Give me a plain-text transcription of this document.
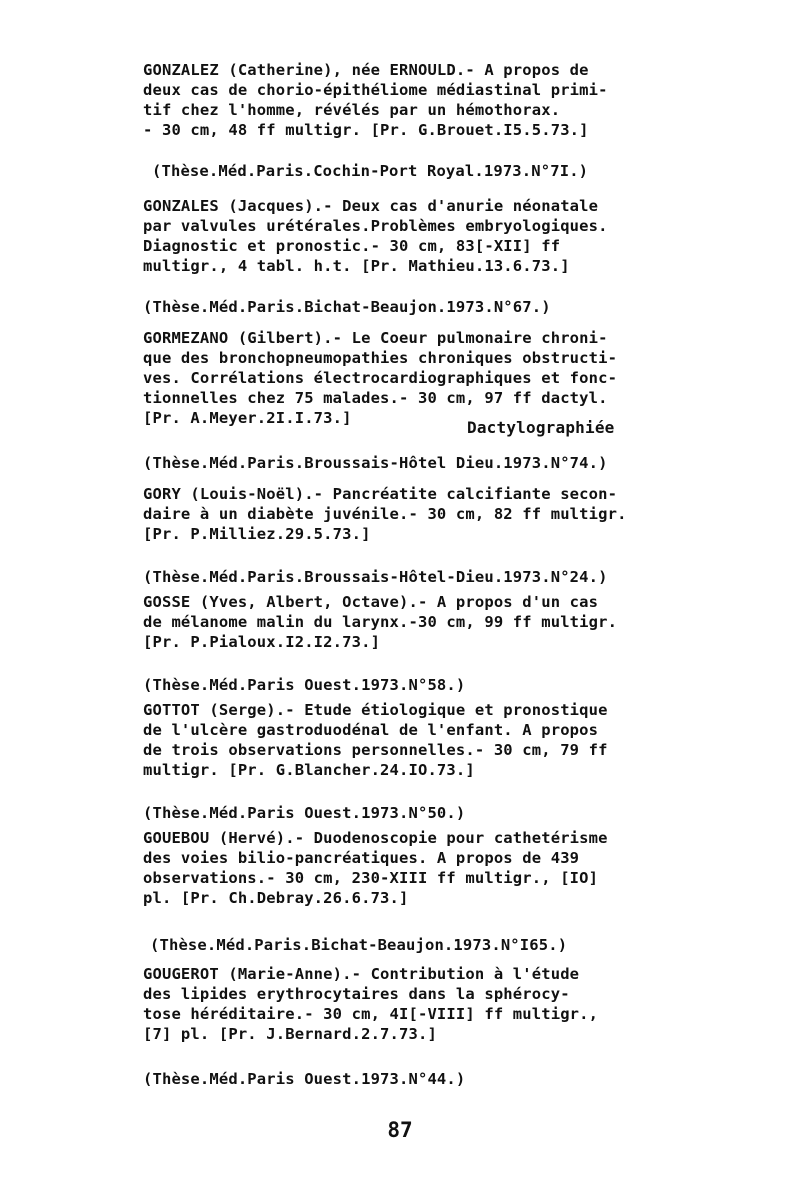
GONZALEZ (Catherine), née ERNOULD.- A propos de
deux cas de chorio-épithéliome médiastinal primi-
tif chez l'homme, révélés par un hémothorax.
- 30 cm, 48 ff multigr. [Pr. G.Brouet.I5.5.73.]
(Thèse.Méd.Paris.Cochin-Port Royal.1973.N°7I.)
GONZALES (Jacques).- Deux cas d'anurie néonatale
par valvules urétérales.Problèmes embryologiques.
Diagnostic et pronostic.- 30 cm, 83[-XII] ff
multigr., 4 tabl. h.t. [Pr. Mathieu.13.6.73.]
(Thèse.Méd.Paris.Bichat-Beaujon.1973.N°67.)
GORMEZANO (Gilbert).- Le Coeur pulmonaire chroni-
que des bronchopneumopathies chroniques obstructi-
ves. Corrélations électrocardiographiques et fonc-
tionnelles chez 75 malades.- 30 cm, 97 ff dactyl.
[Pr. A.Meyer.2I.I.73.]	Dactylographiée
(Thèse.Méd.Paris.Broussais-Hôtel Dieu.1973.N°74.)
GORY (Louis-Noël).- Pancréatite calcifiante secon-
daire à un diabète juvénile.- 30 cm, 82 ff multigr.
[Pr. P.Milliez.29.5.73.]
(Thèse.Méd.Paris.Broussais-Hôtel-Dieu.1973.N°24.)
GOSSE (Yves, Albert, Octave).- A propos d'un cas
de mélanome malin du larynx.-30 cm, 99 ff multigr.
[Pr. P.Pialoux.I2.I2.73.]
(Thèse.Méd.Paris Ouest.1973.N°58.)
GOTTOT (Serge).- Etude étiologique et pronostique
de l'ulcère gastroduodénal de l'enfant. A propos
de trois observations personnelles.- 30 cm, 79 ff
multigr. [Pr. G.Blancher.24.IO.73.]
(Thèse.Méd.Paris Ouest.1973.N°50.)
GOUEBOU (Hervé).- Duodenoscopie pour cathetérisme
des voies bilio-pancréatiques. A propos de 439
observations.- 30 cm, 230-XIII ff multigr., [IO]
pl. [Pr. Ch.Debray.26.6.73.]
(Thèse.Méd.Paris.Bichat-Beaujon.1973.N°I65.)
GOUGEROT (Marie-Anne).- Contribution à l'étude
des lipides erythrocytaires dans la sphérocy-
tose héréditaire.- 30 cm, 4I[-VIII] ff multigr.,
[7] pl. [Pr. J.Bernard.2.7.73.]
(Thèse.Méd.Paris Ouest.1973.N°44.)
87
